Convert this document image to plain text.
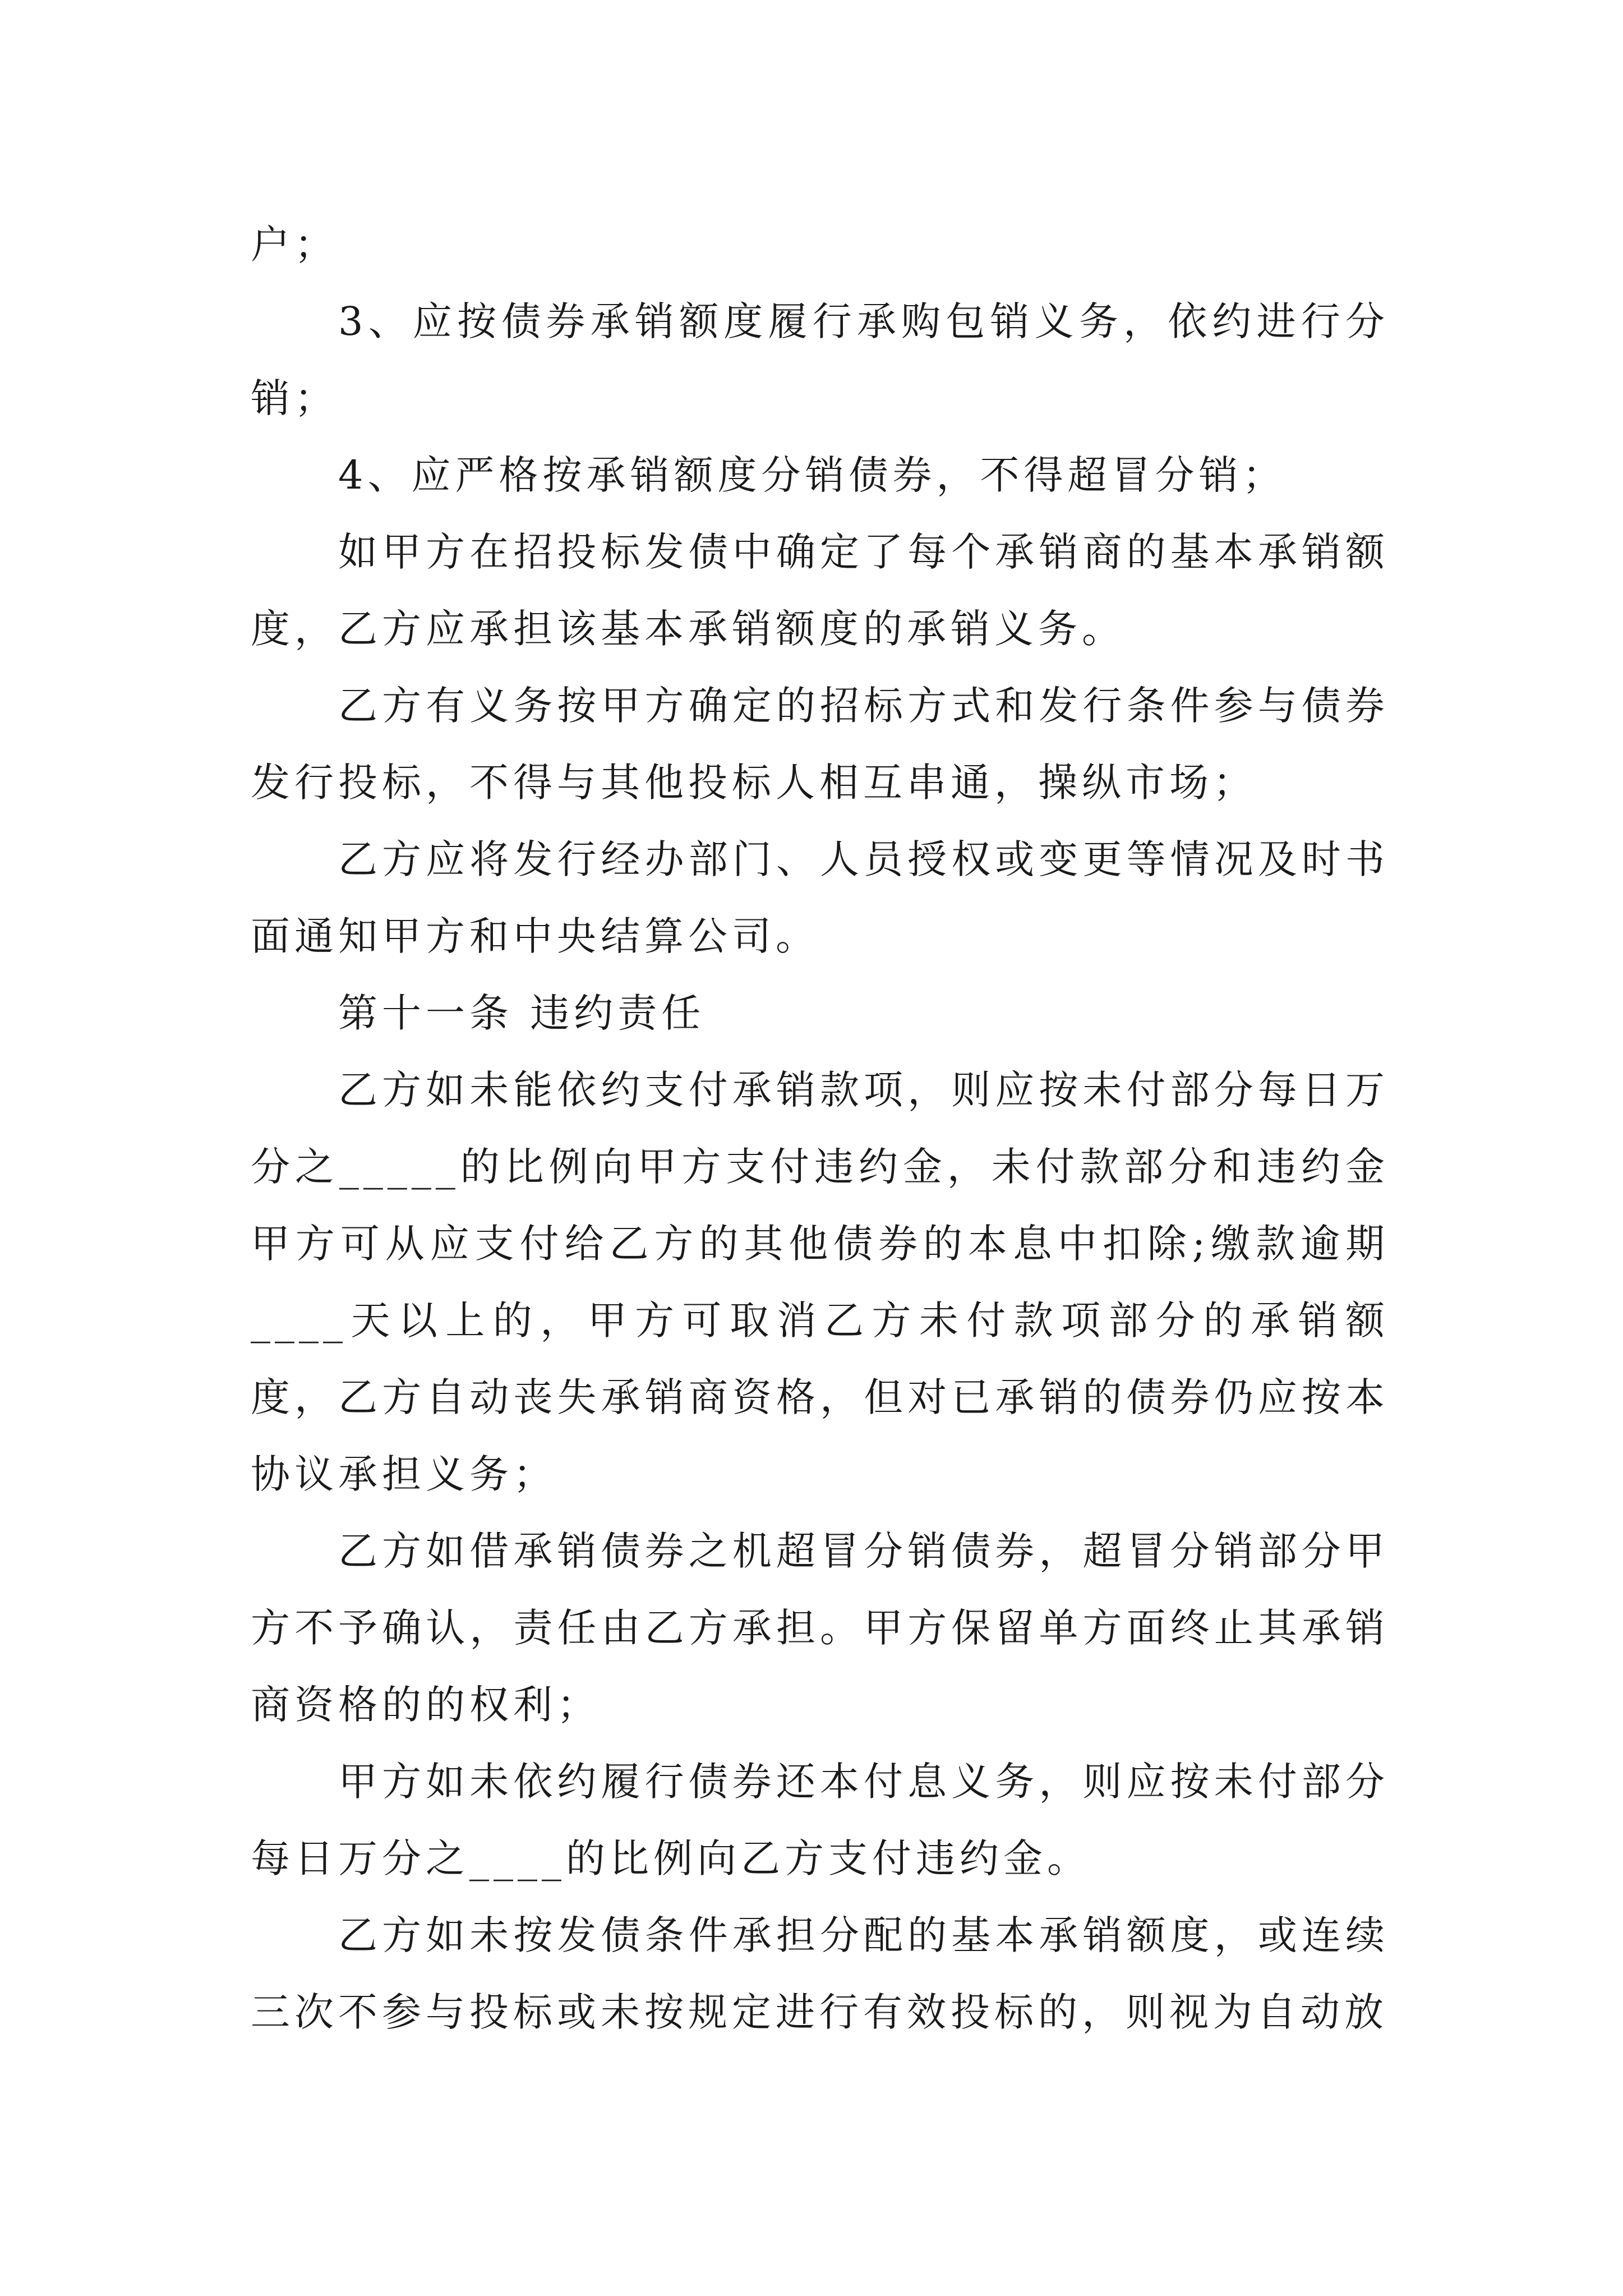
户；

3、应按债券承销额度履行承购包销义务，依约进行分销；

4、应严格按承销额度分销债券，不得超冒分销；

如甲方在招投标发债中确定了每个承销商的基本承销额度，乙方应承担该基本承销额度的承销义务。

乙方有义务按甲方确定的招标方式和发行条件参与债券发行投标，不得与其他投标人相互串通，操纵市场；

乙方应将发行经办部门、人员授权或变更等情况及时书面通知甲方和中央结算公司。

第十一条 违约责任

乙方如未能依约支付承销款项，则应按未付部分每日万分之_____的比例向甲方支付违约金，未付款部分和违约金甲方可从应支付给乙方的其他债券的本息中扣除;缴款逾期____天以上的，甲方可取消乙方未付款项部分的承销额度，乙方自动丧失承销商资格，但对已承销的债券仍应按本协议承担义务；

乙方如借承销债券之机超冒分销债券，超冒分销部分甲方不予确认，责任由乙方承担。甲方保留单方面终止其承销商资格的的权利；

甲方如未依约履行债券还本付息义务，则应按未付部分每日万分之____的比例向乙方支付违约金。

乙方如未按发债条件承担分配的基本承销额度，或连续三次不参与投标或未按规定进行有效投标的，则视为自动放
